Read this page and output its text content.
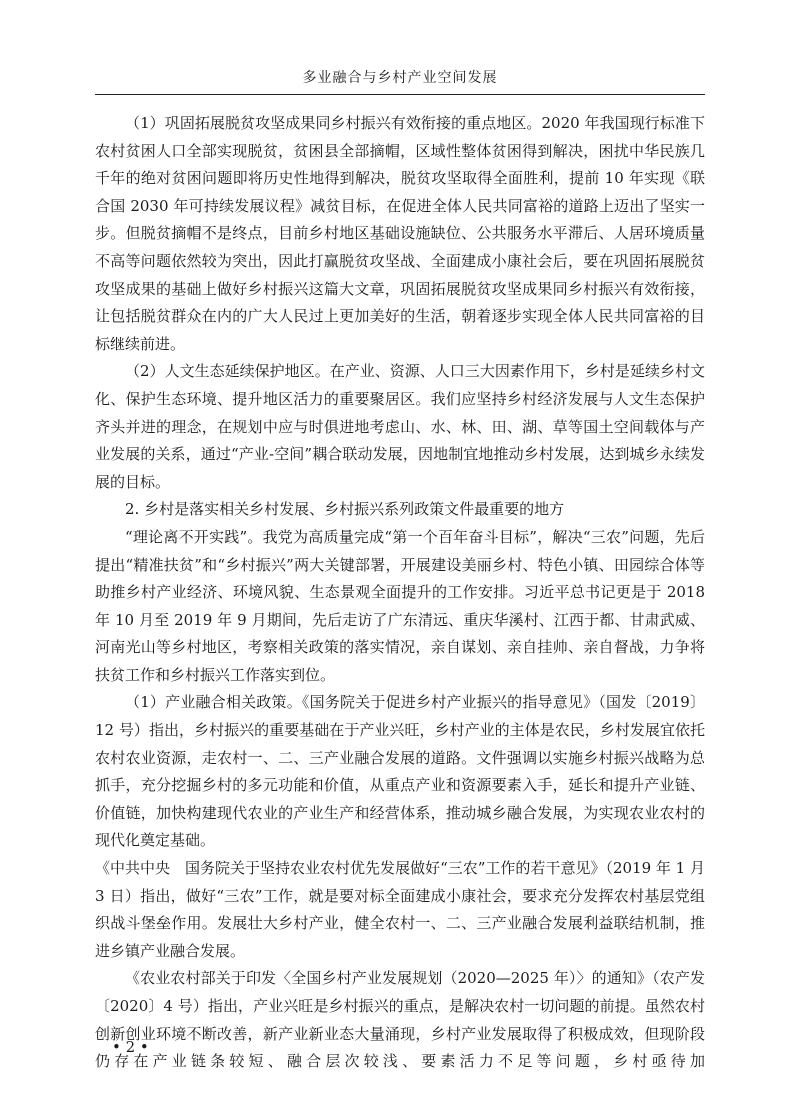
多业融合与乡村产业空间发展

（1）巩固拓展脱贫攻坚成果同乡村振兴有效衔接的重点地区。2020 年我国现行标准下农村贫困人口全部实现脱贫，贫困县全部摘帽，区域性整体贫困得到解决，困扰中华民族几千年的绝对贫困问题即将历史性地得到解决，脱贫攻坚取得全面胜利，提前 10 年实现《联合国 2030 年可持续发展议程》减贫目标，在促进全体人民共同富裕的道路上迈出了坚实一步。但脱贫摘帽不是终点，目前乡村地区基础设施缺位、公共服务水平滞后、人居环境质量不高等问题依然较为突出，因此打赢脱贫攻坚战、全面建成小康社会后，要在巩固拓展脱贫攻坚成果的基础上做好乡村振兴这篇大文章，巩固拓展脱贫攻坚成果同乡村振兴有效衔接，让包括脱贫群众在内的广大人民过上更加美好的生活，朝着逐步实现全体人民共同富裕的目标继续前进。

（2）人文生态延续保护地区。在产业、资源、人口三大因素作用下，乡村是延续乡村文化、保护生态环境、提升地区活力的重要聚居区。我们应坚持乡村经济发展与人文生态保护齐头并进的理念，在规划中应与时俱进地考虑山、水、林、田、湖、草等国土空间载体与产业发展的关系，通过“产业-空间”耦合联动发展，因地制宜地推动乡村发展，达到城乡永续发展的目标。

2. 乡村是落实相关乡村发展、乡村振兴系列政策文件最重要的地方

“理论离不开实践”。我党为高质量完成“第一个百年奋斗目标”，解决“三农”问题，先后提出“精准扶贫”和“乡村振兴”两大关键部署，开展建设美丽乡村、特色小镇、田园综合体等助推乡村产业经济、环境风貌、生态景观全面提升的工作安排。习近平总书记更是于 2018 年 10 月至 2019 年 9 月期间，先后走访了广东清远、重庆华溪村、江西于都、甘肃武威、河南光山等乡村地区，考察相关政策的落实情况，亲自谋划、亲自挂帅、亲自督战，力争将扶贫工作和乡村振兴工作落实到位。

（1）产业融合相关政策。《国务院关于促进乡村产业振兴的指导意见》（国发〔2019〕12 号）指出，乡村振兴的重要基础在于产业兴旺，乡村产业的主体是农民，乡村发展宜依托农村农业资源，走农村一、二、三产业融合发展的道路。文件强调以实施乡村振兴战略为总抓手，充分挖掘乡村的多元功能和价值，从重点产业和资源要素入手，延长和提升产业链、价值链，加快构建现代农业的产业生产和经营体系，推动城乡融合发展，为实现农业农村的现代化奠定基础。

《中共中央　国务院关于坚持农业农村优先发展做好“三农”工作的若干意见》（2019 年 1 月 3 日）指出，做好“三农”工作，就是要对标全面建成小康社会，要求充分发挥农村基层党组织战斗堡垒作用。发展壮大乡村产业，健全农村一、二、三产业融合发展利益联结机制，推进乡镇产业融合发展。

《农业农村部关于印发〈全国乡村产业发展规划（2020—2025 年）〉的通知》（农产发〔2020〕4 号）指出，产业兴旺是乡村振兴的重点，是解决农村一切问题的前提。虽然农村创新创业环境不断改善，新产业新业态大量涌现，乡村产业发展取得了积极成效，但现阶段仍存在产业链条较短、融合层次较浅、要素活力不足等问题，乡村亟待加

• 2 •
